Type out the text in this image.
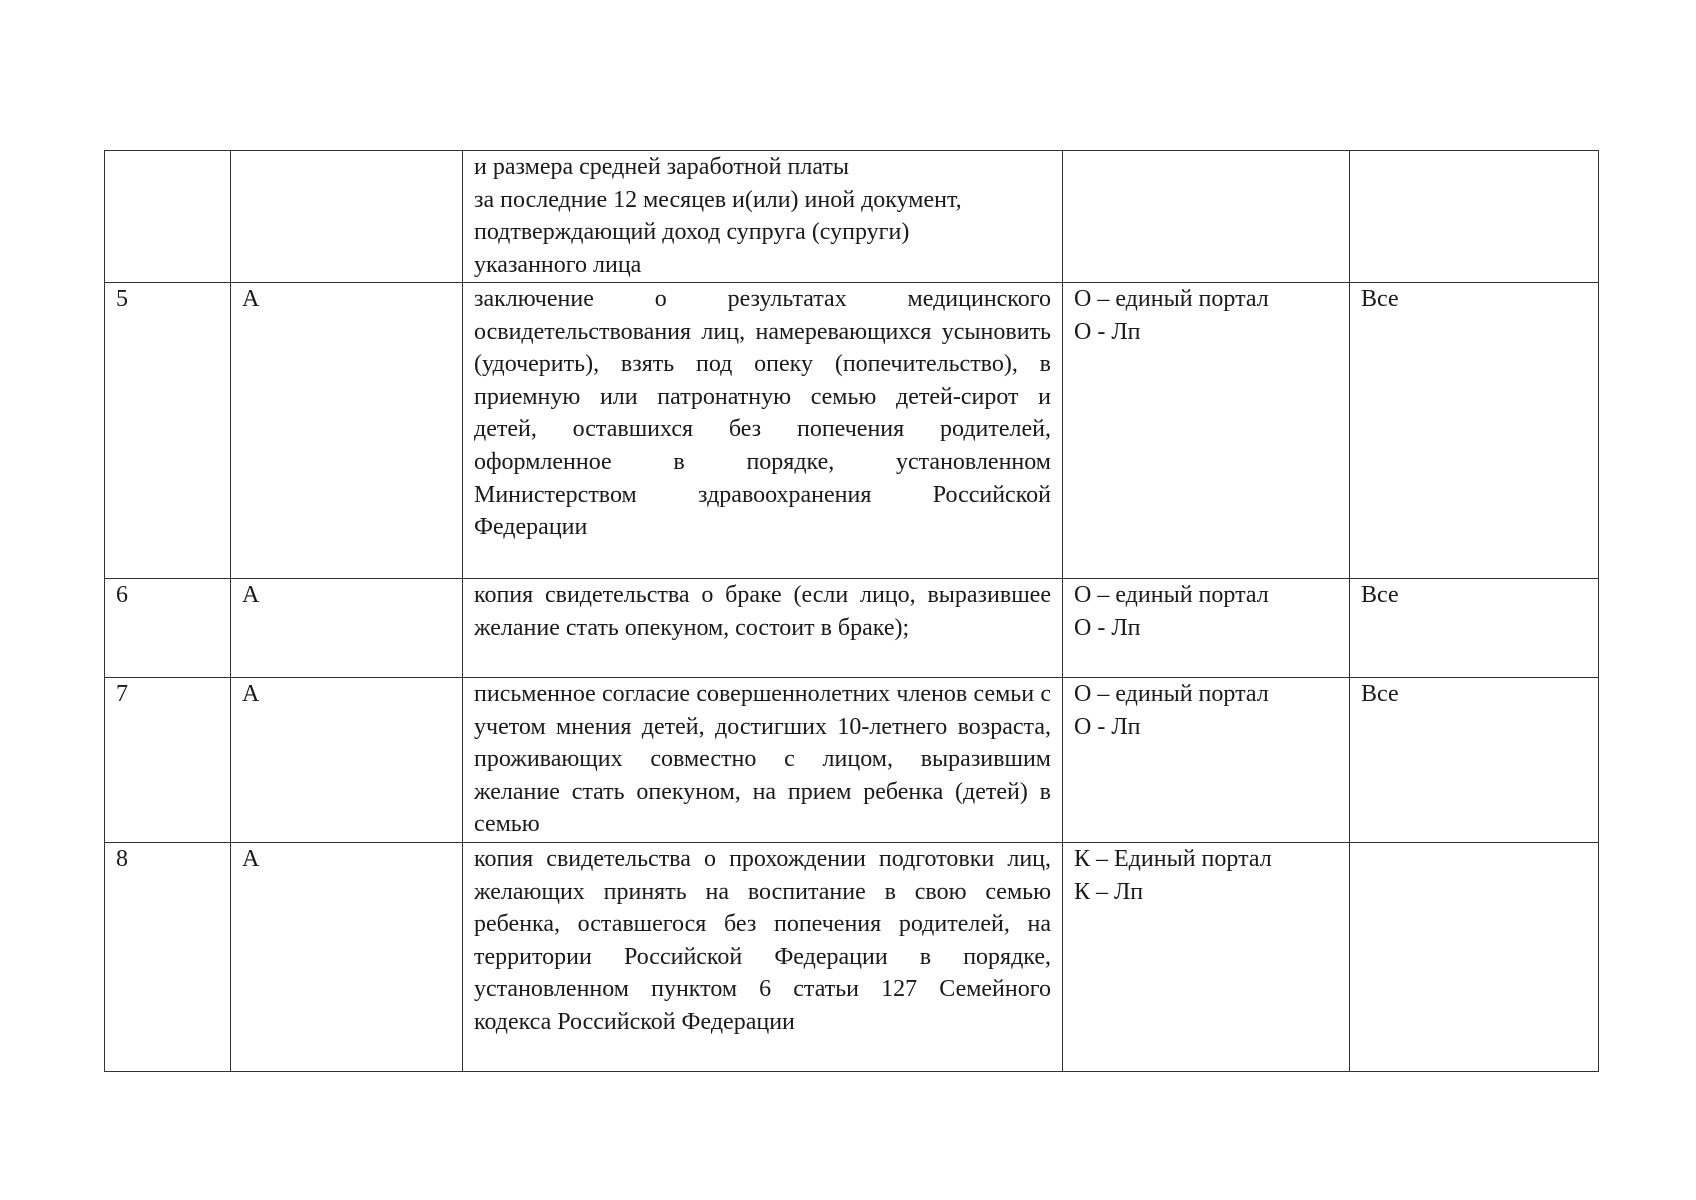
		и размера средней заработной платы
за последние 12 месяцев и(или) иной документ,
подтверждающий доход супруга (супруги)
указанного лица	

5	А	заключение о результатах медицинского освидетельствования лиц, намеревающихся усыновить (удочерить), взять под опеку (попечительство), в приемную или патронатную семью детей-сирот и детей, оставшихся без попечения родителей, оформленное в порядке, установленном Министерством здравоохранения Российской Федерации	О – единый портал
О - Лп	Все
6	А	копия свидетельства о браке (если лицо, выразившее желание стать опекуном, состоит в браке);	О – единый портал
О - Лп	Все
7	А	письменное согласие совершеннолетних членов семьи с учетом мнения детей, достигших 10-летнего возраста, проживающих совместно с лицом, выразившим желание стать опекуном, на прием ребенка (детей) в семью	О – единый портал
О - Лп	Все
8	А	копия свидетельства о прохождении подготовки лиц, желающих принять на воспитание в свою семью ребенка, оставшегося без попечения родителей, на территории Российской Федерации в порядке, установленном пунктом 6 статьи 127 Семейного кодекса Российской Федерации	К – Единый портал
К – Лп	
